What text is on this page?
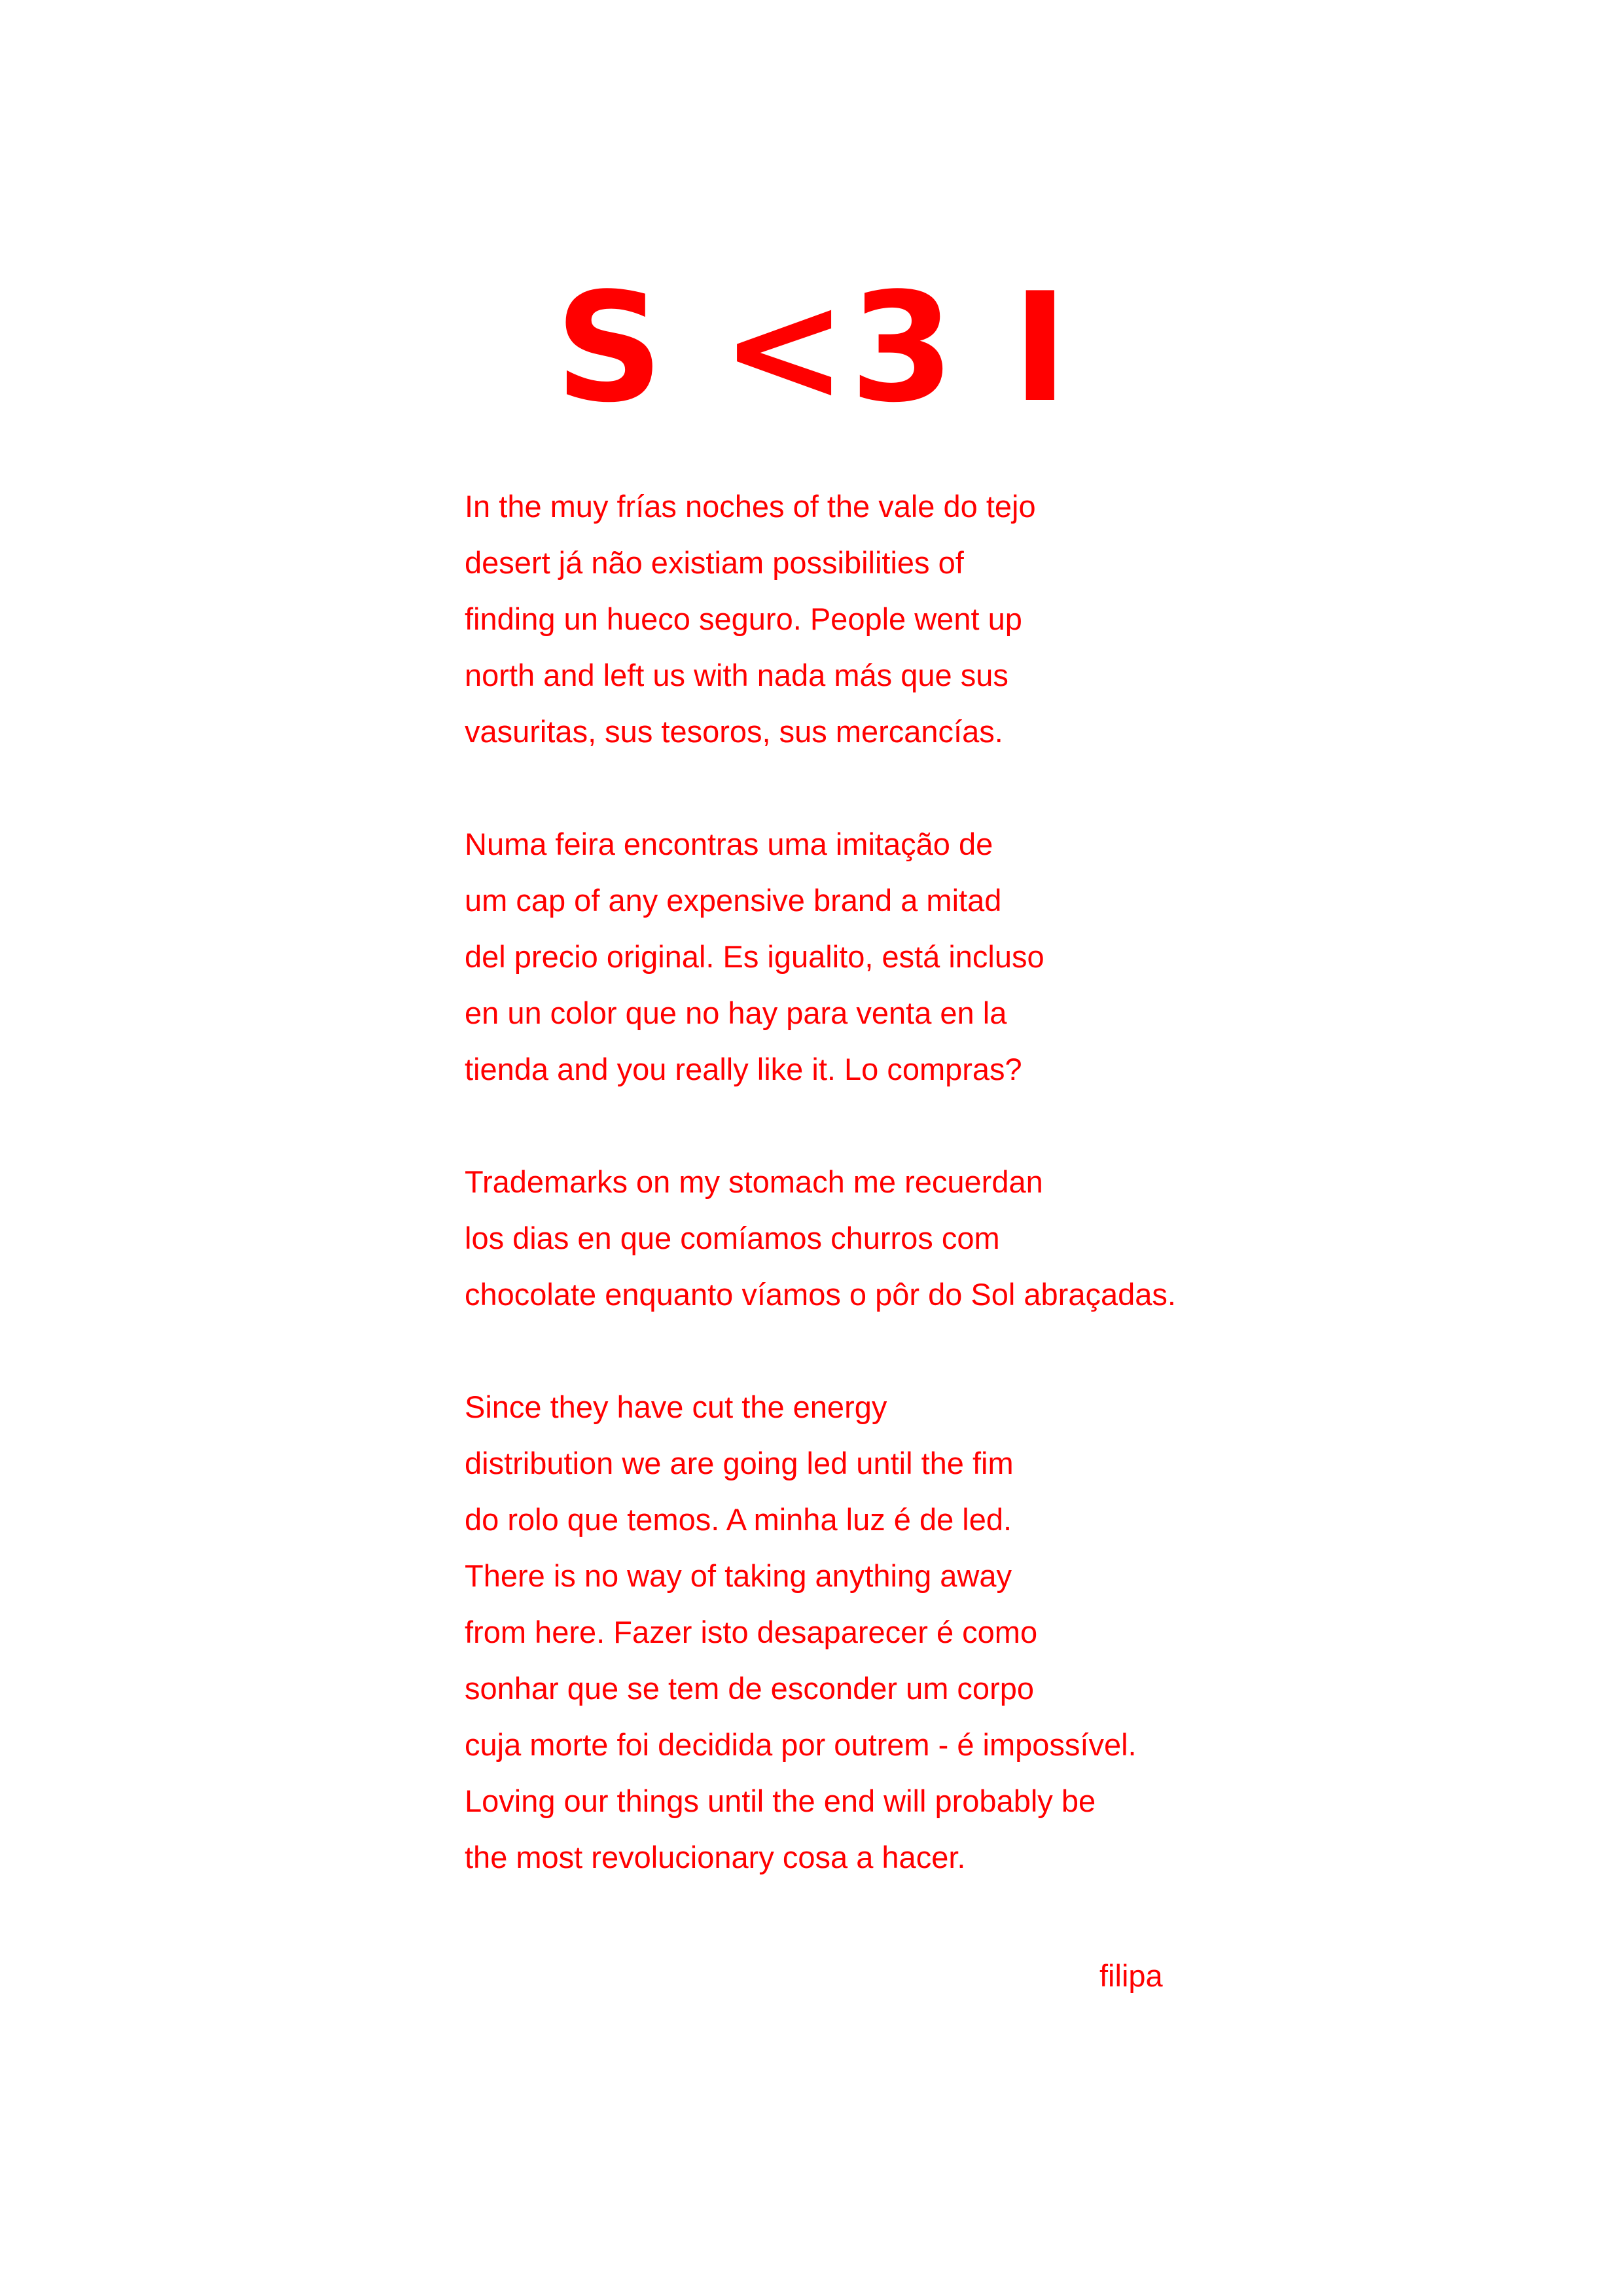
S <3 I
In the muy frías noches of the vale do tejo
desert já não existiam possibilities of
finding un hueco seguro. People went up
north and left us with nada más que sus
vasuritas, sus tesoros, sus mercancías.
Numa feira encontras uma imitação de
um cap of any expensive brand a mitad
del precio original. Es igualito, está incluso
en un color que no hay para venta en la
tienda and you really like it. Lo compras?
Trademarks on my stomach me recuerdan
los dias en que comíamos churros com
chocolate enquanto víamos o pôr do Sol abraçadas.
Since they have cut the energy
distribution we are going led until the fim
do rolo que temos. A minha luz é de led.
There is no way of taking anything away
from here. Fazer isto desaparecer é como
sonhar que se tem de esconder um corpo
cuja morte foi decidida por outrem - é impossível.
Loving our things until the end will probably be
the most revolucionary cosa a hacer.
filipa
